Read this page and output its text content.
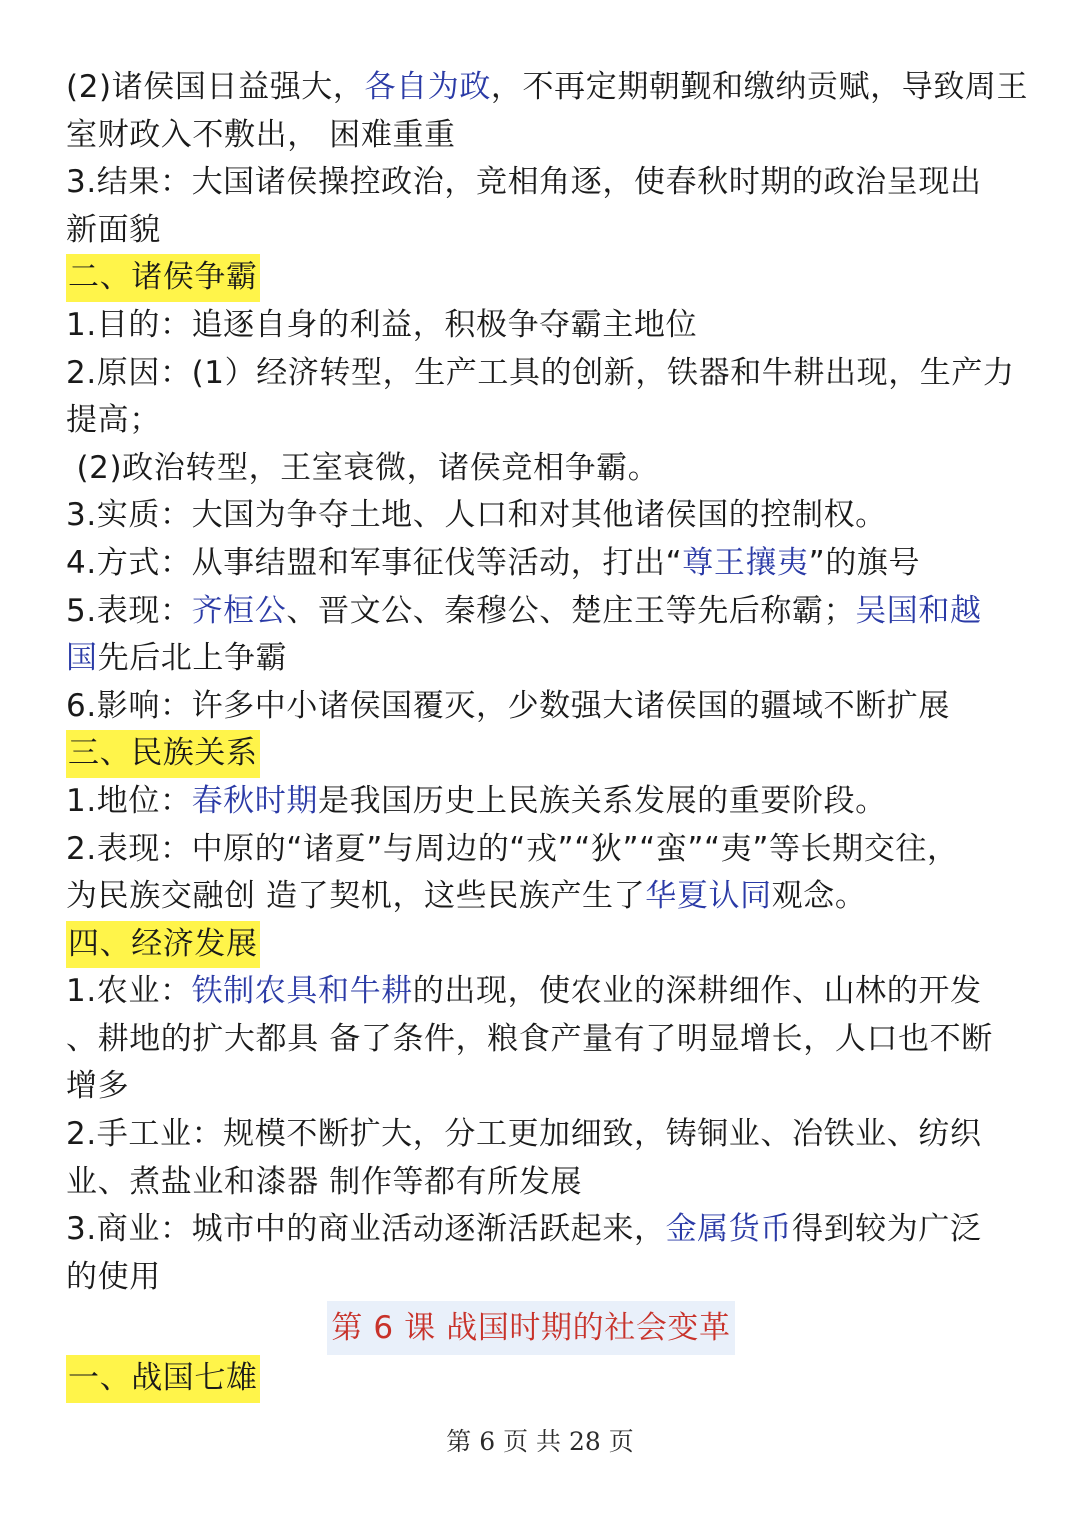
(2)诸侯国日益强大，各自为政，不再定期朝觐和缴纳贡赋，导致周王
室财政入不敷出， 困难重重
3.结果：大国诸侯操控政治，竞相角逐，使春秋时期的政治呈现出
新面貌
二、诸侯争霸
1.目的：追逐自身的利益，积极争夺霸主地位
2.原因：(1）经济转型，生产工具的创新，铁器和牛耕出现，生产力
提高；
(2)政治转型，王室衰微，诸侯竞相争霸。
3.实质：大国为争夺土地、人口和对其他诸侯国的控制权。
4.方式：从事结盟和军事征伐等活动，打出“尊王攘夷”的旗号
5.表现：齐桓公、晋文公、秦穆公、楚庄王等先后称霸；吴国和越
国先后北上争霸
6.影响：许多中小诸侯国覆灭，少数强大诸侯国的疆域不断扩展
三、民族关系
1.地位：春秋时期是我国历史上民族关系发展的重要阶段。
2.表现：中原的“诸夏”与周边的“戎”“狄”“蛮”“夷”等长期交往，
为民族交融创 造了契机，这些民族产生了华夏认同观念。
四、经济发展
1.农业：铁制农具和牛耕的出现，使农业的深耕细作、山林的开发
、耕地的扩大都具 备了条件，粮食产量有了明显增长，人口也不断
增多
2.手工业：规模不断扩大，分工更加细致，铸铜业、冶铁业、纺织
业、煮盐业和漆器 制作等都有所发展
3.商业：城市中的商业活动逐渐活跃起来，金属货币得到较为广泛
的使用
第 6 课 战国时期的社会变革
一、战国七雄
第 6 页 共 28 页
